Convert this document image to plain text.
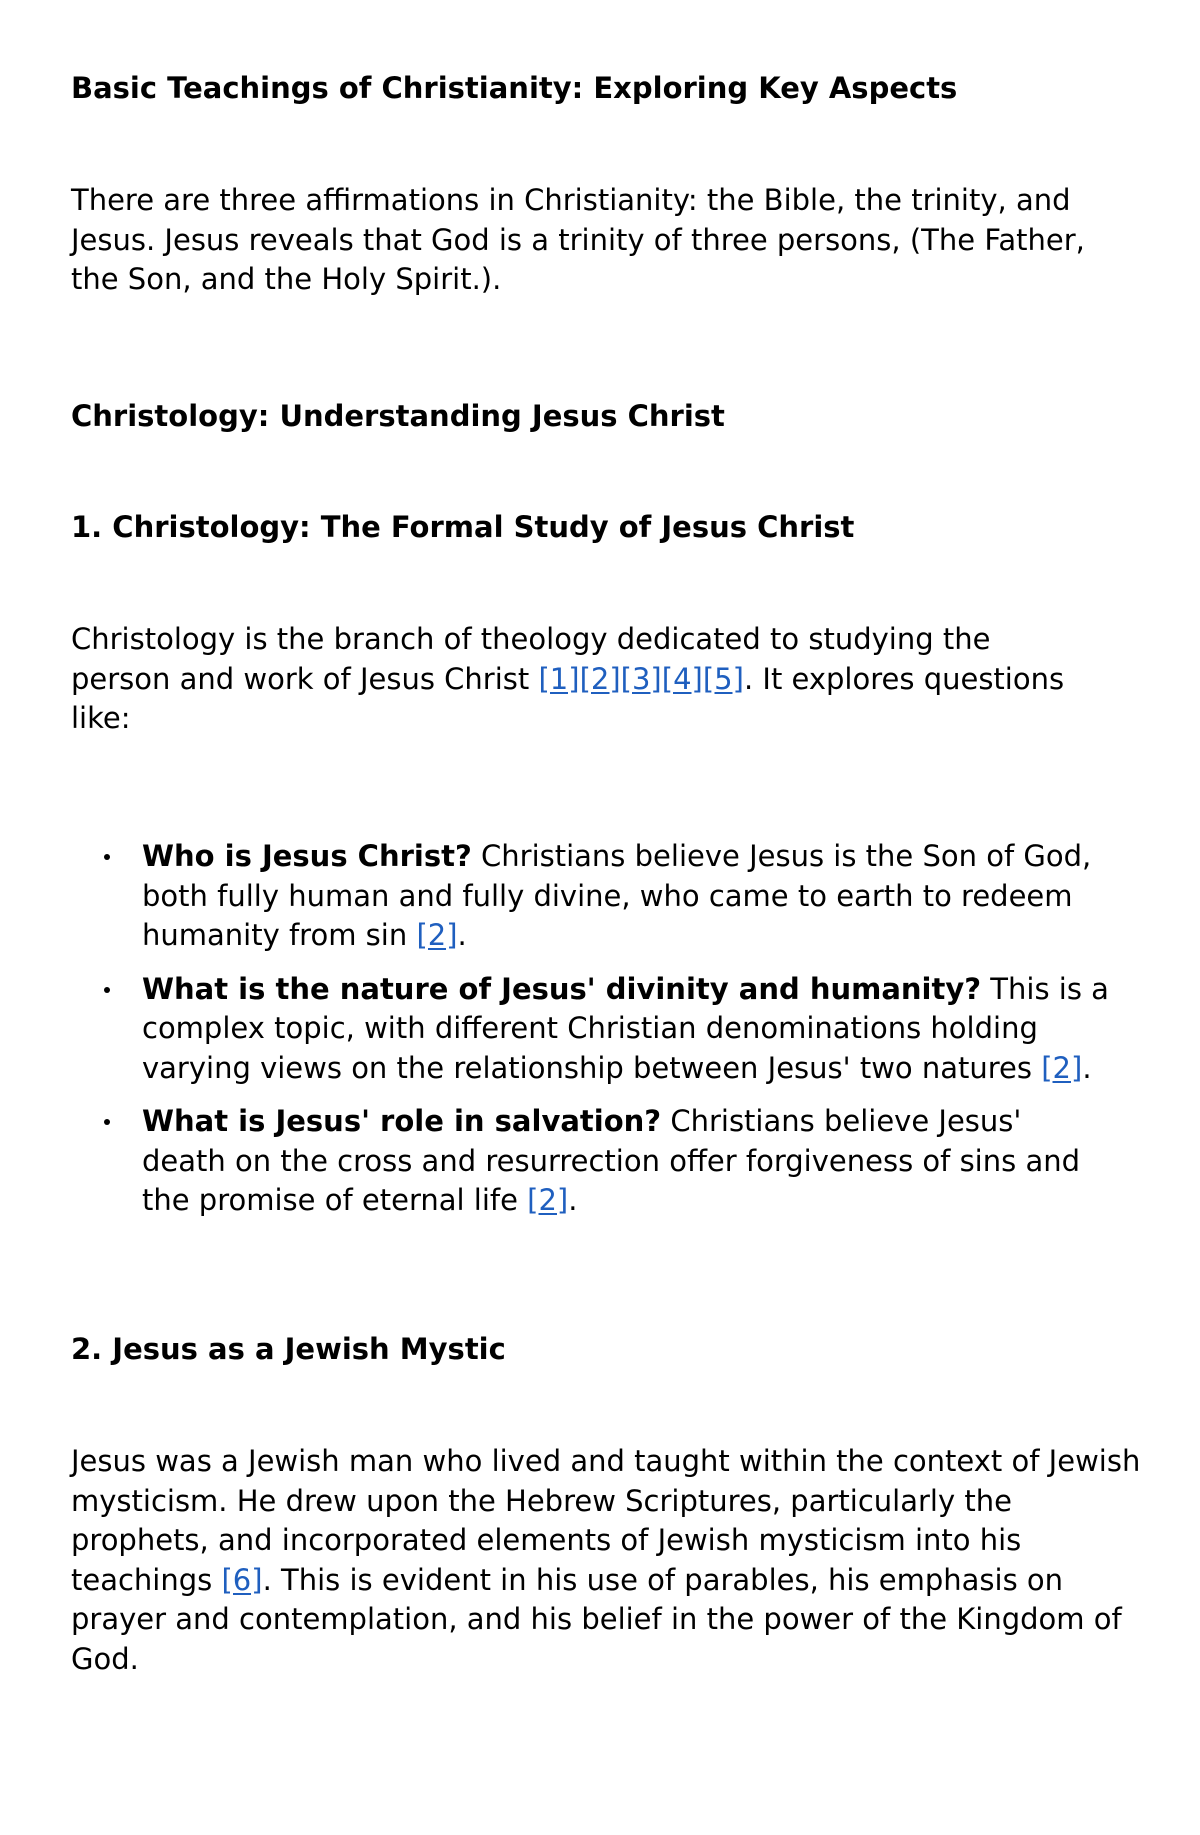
Basic Teachings of Christianity: Exploring Key Aspects

There are three affirmations in Christianity: the Bible, the trinity, and Jesus. Jesus reveals that God is a trinity of three persons, (The Father, the Son, and the Holy Spirit.).

Christology: Understanding Jesus Christ
1. Christology: The Formal Study of Jesus Christ

Christology is the branch of theology dedicated to studying the person and work of Jesus Christ [1][2][3][4][5]. It explores questions like:

Who is Jesus Christ? Christians believe Jesus is the Son of God, both fully human and fully divine, who came to earth to redeem humanity from sin [2].
What is the nature of Jesus' divinity and humanity? This is a complex topic, with different Christian denominations holding varying views on the relationship between Jesus' two natures [2].
What is Jesus' role in salvation? Christians believe Jesus' death on the cross and resurrection offer forgiveness of sins and the promise of eternal life [2].
2. Jesus as a Jewish Mystic

Jesus was a Jewish man who lived and taught within the context of Jewish mysticism. He drew upon the Hebrew Scriptures, particularly the prophets, and incorporated elements of Jewish mysticism into his teachings [6]. This is evident in his use of parables, his emphasis on prayer and contemplation, and his belief in the power of the Kingdom of God.
